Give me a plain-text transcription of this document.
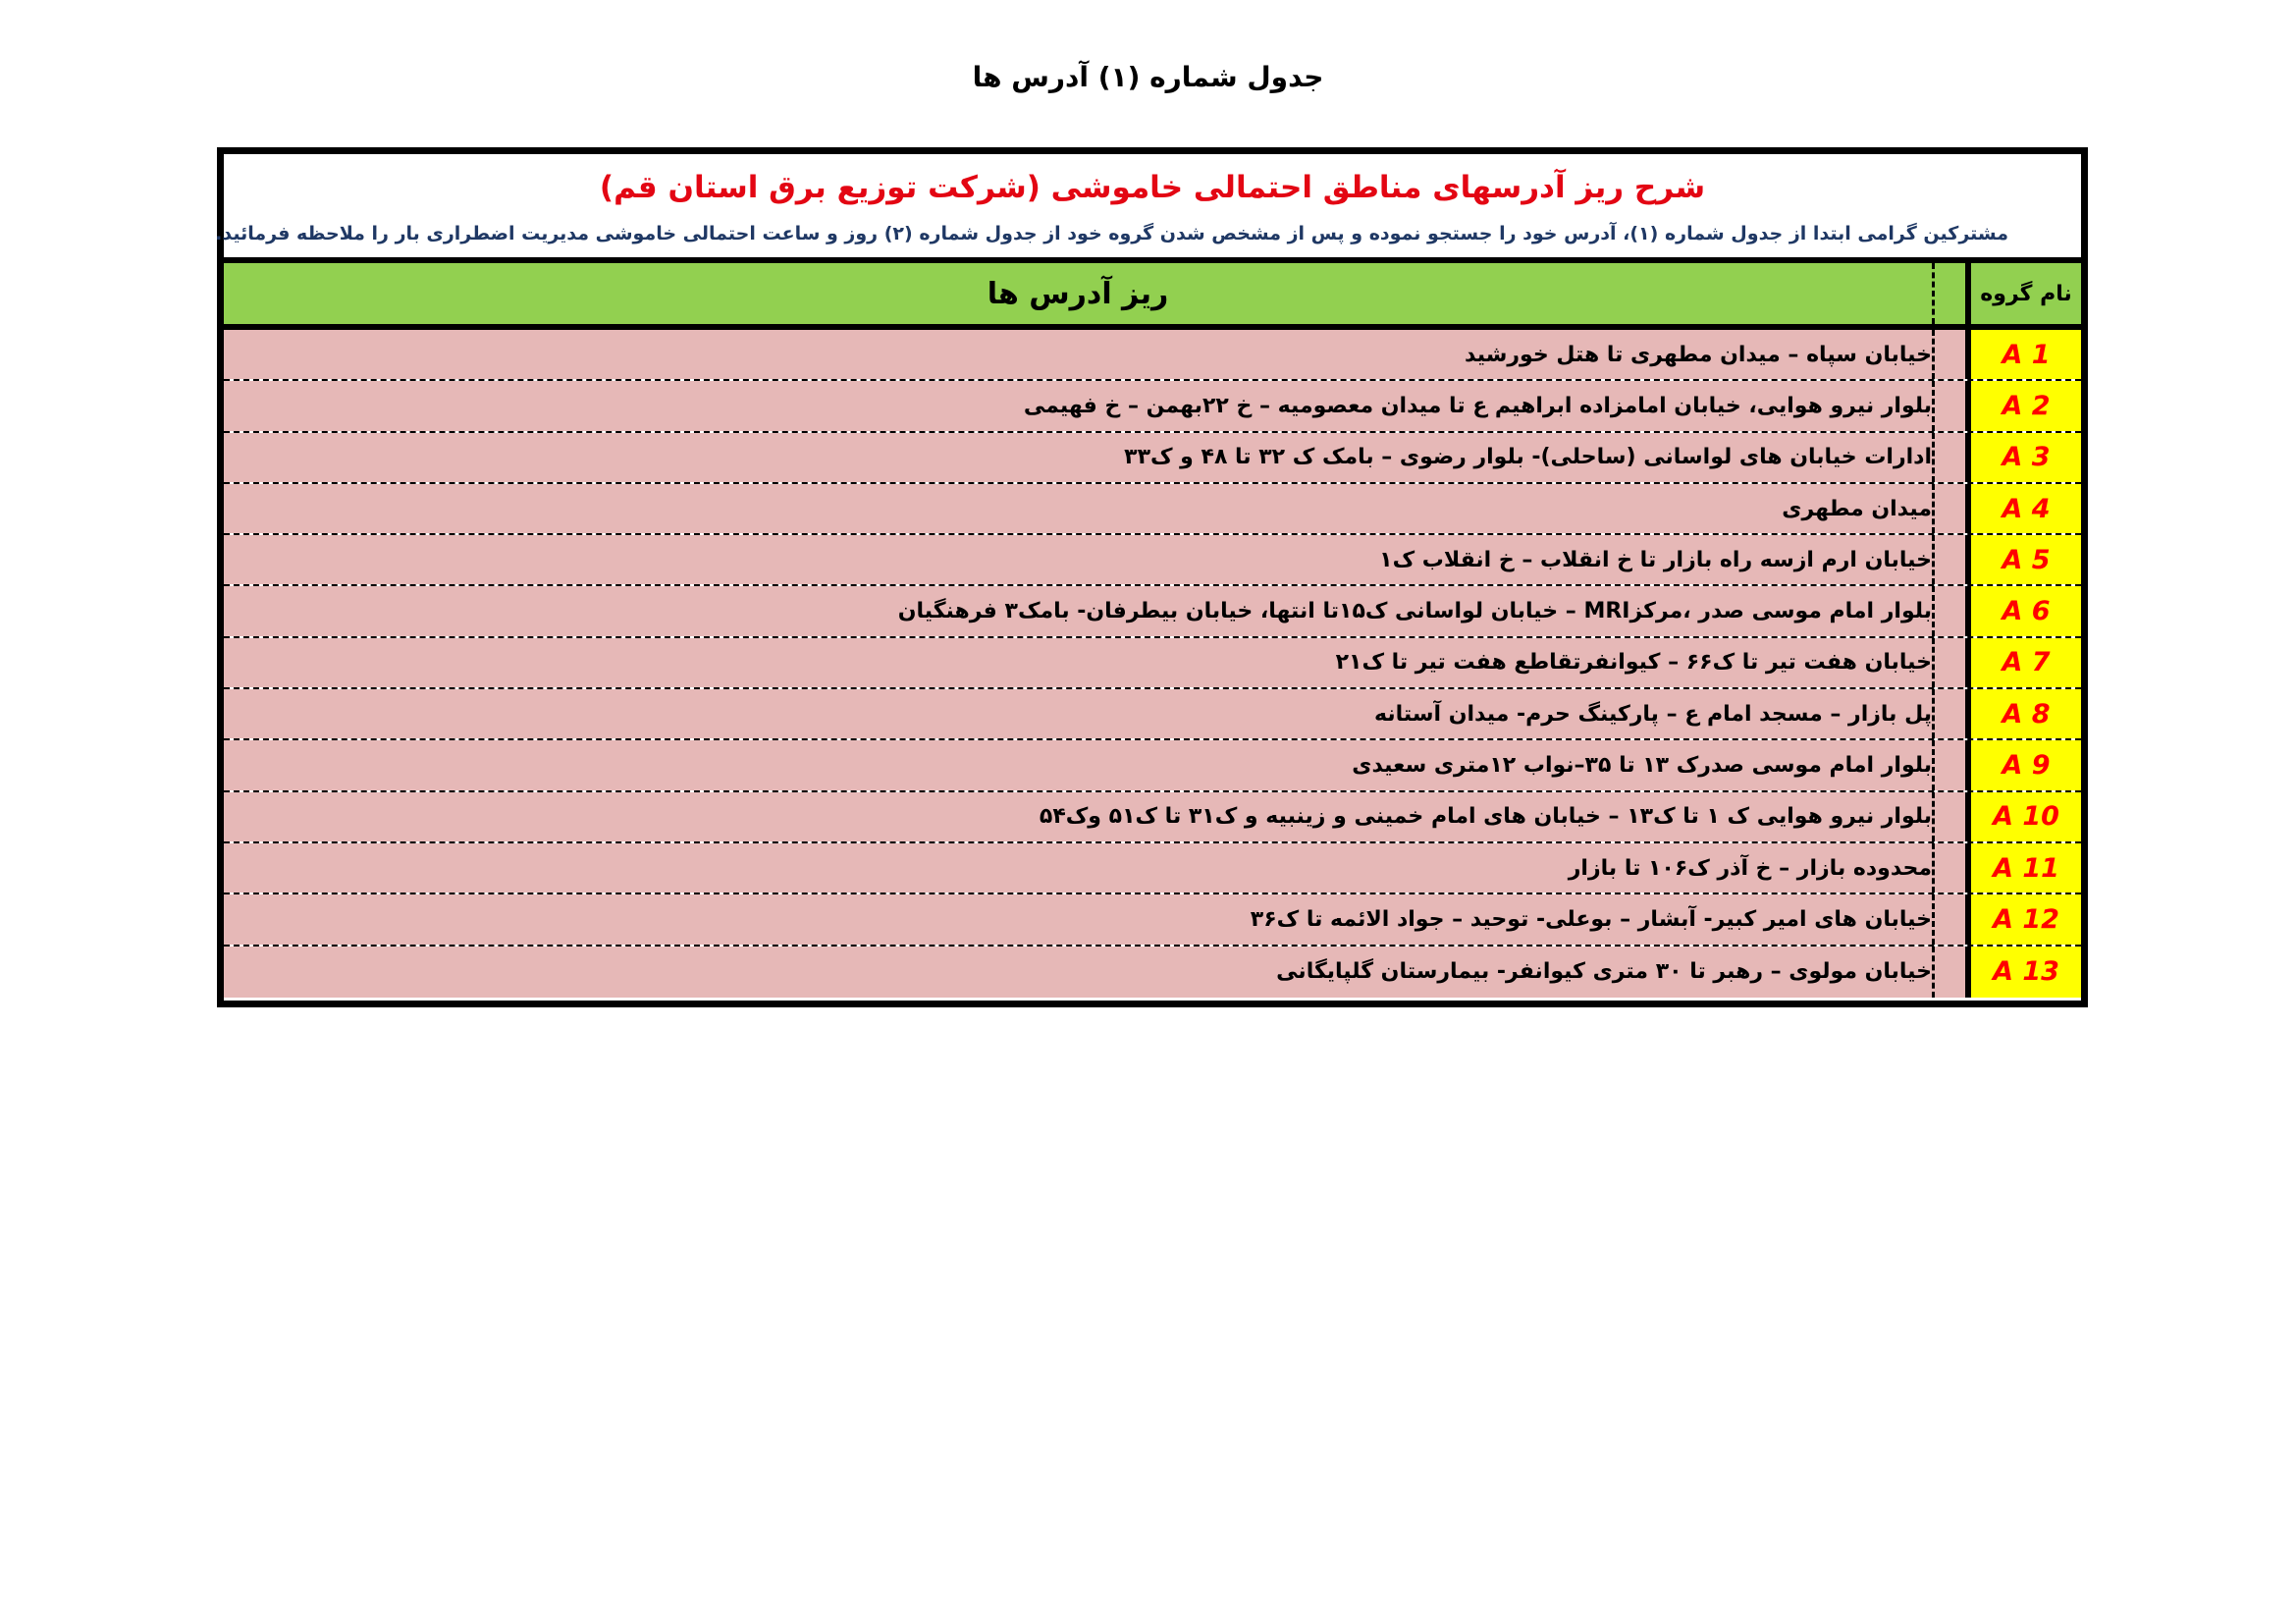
جدول شماره (۱) آدرس ها
شرح ریز آدرسهای مناطق احتمالی خاموشی (شرکت توزیع برق استان قم)
مشترکین گرامی ابتدا از جدول شماره (۱)، آدرس خود را جستجو نموده و پس از مشخص شدن گروه خود از جدول شماره (۲) روز و ساعت احتمالی خاموشی مدیریت اضطراری بار را ملاحظه فرمائید.
نام گروه
ریز آدرس ها
A 1
خیابان سپاه – میدان مطهری تا هتل خورشید
A 2
بلوار نیرو هوایی، خیابان امامزاده ابراهیم ع تا میدان معصومیه – خ ۲۲بهمن – خ فهیمی
A 3
ادارات خیابان های لواسانی (ساحلی)- بلوار رضوی – بامک ک ۳۲ تا ۴۸ و ک۳۳
A 4
میدان مطهری
A 5
خیابان ارم ازسه راه بازار تا خ انقلاب – خ انقلاب ک۱
A 6
بلوار امام موسی صدر ،مرکزMRI – خیابان لواسانی ک۱۵تا انتها، خیابان بیطرفان- بامک۳ فرهنگیان
A 7
خیابان هفت تیر تا ک۶۶ – کیوانفرتقاطع هفت تیر تا ک۲۱
A 8
پل بازار – مسجد امام ع – پارکینگ حرم- میدان آستانه
A 9
بلوار امام موسی صدرک ۱۳ تا ۳۵–نواب ۱۲متری سعیدی
A 10
بلوار نیرو هوایی ک ۱ تا ک۱۳ – خیابان های امام خمینی و زینبیه و ک۳۱ تا ک۵۱ وک۵۴
A 11
محدوده بازار – خ آذر ک۱۰۶ تا بازار
A 12
خیابان های امیر کبیر- آبشار – بوعلی- توحید – جواد الائمه تا ک۳۶
A 13
خیابان مولوی – رهبر تا ۳۰ متری کیوانفر- بیمارستان گلپایگانی
